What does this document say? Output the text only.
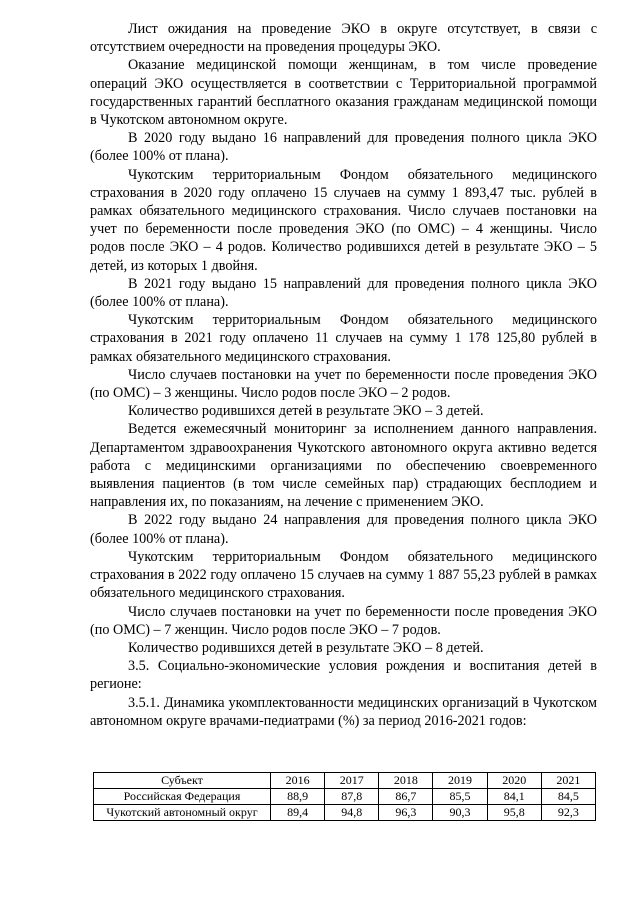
Лист ожидания на проведение ЭКО в округе отсутствует, в связи с отсутствием очередности на проведения процедуры ЭКО.

Оказание медицинской помощи женщинам, в том числе проведение операций ЭКО осуществляется в соответствии с Территориальной программой государственных гарантий бесплатного оказания гражданам медицинской помощи в Чукотском автономном округе.

В 2020 году выдано 16 направлений для проведения полного цикла ЭКО (более 100% от плана).

Чукотским территориальным Фондом обязательного медицинского страхования в 2020 году оплачено 15 случаев на сумму 1 893,47 тыс. рублей в рамках обязательного медицинского страхования. Число случаев постановки на учет по беременности после проведения ЭКО (по ОМС) – 4 женщины. Число родов после ЭКО – 4 родов. Количество родившихся детей в результате ЭКО – 5 детей, из которых 1 двойня.

В 2021 году выдано 15 направлений для проведения полного цикла ЭКО (более 100% от плана).

Чукотским территориальным Фондом обязательного медицинского страхования в 2021 году оплачено 11 случаев на сумму 1 178 125,80 рублей в рамках обязательного медицинского страхования.

Число случаев постановки на учет по беременности после проведения ЭКО (по ОМС) – 3 женщины. Число родов после ЭКО – 2 родов.

Количество родившихся детей в результате ЭКО – 3 детей.

Ведется ежемесячный мониторинг за исполнением данного направления. Департаментом здравоохранения Чукотского автономного округа активно ведется работа с медицинскими организациями по обеспечению своевременного выявления пациентов (в том числе семейных пар) страдающих бесплодием и направления их, по показаниям, на лечение с применением ЭКО.

В 2022 году выдано 24 направления для проведения полного цикла ЭКО (более 100% от плана).

Чукотским территориальным Фондом обязательного медицинского страхования в 2022 году оплачено 15 случаев на сумму 1 887 55,23 рублей в рамках обязательного медицинского страхования.

Число случаев постановки на учет по беременности после проведения ЭКО (по ОМС) – 7 женщин. Число родов после ЭКО – 7 родов.

Количество родившихся детей в результате ЭКО – 8 детей.

3.5. Социально-экономические условия рождения и воспитания детей в регионе:

3.5.1. Динамика укомплектованности медицинских организаций в Чукотском автономном округе врачами-педиатрами (%) за период 2016-2021 годов:

Субъект	2016	2017	2018	2019	2020	2021
Российская Федерация	88,9	87,8	86,7	85,5	84,1	84,5
Чукотский автономный округ	89,4	94,8	96,3	90,3	95,8	92,3
